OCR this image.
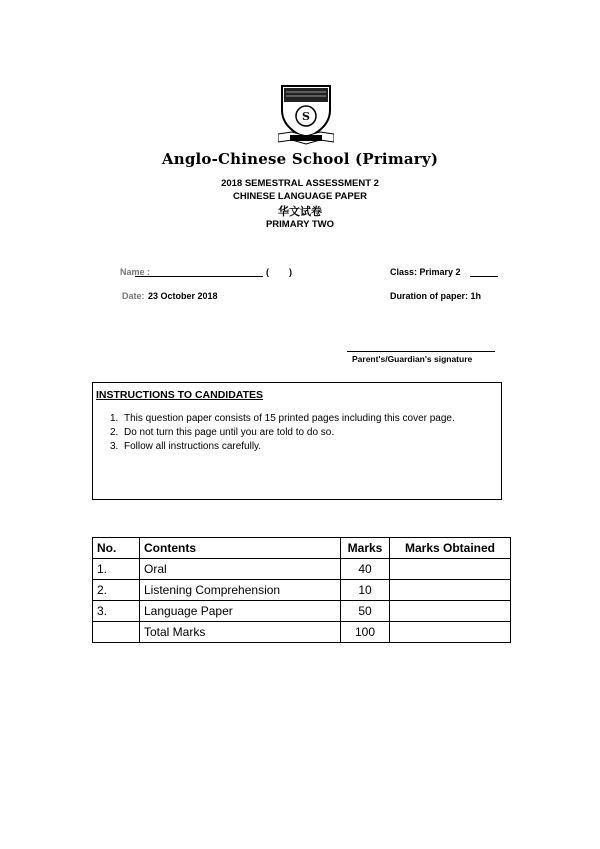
S
Anglo-Chinese School (Primary)
2018 SEMESTRAL ASSESSMENT 2
CHINESE LANGUAGE PAPER
华文试卷
PRIMARY TWO
Name :	(        )	Class: Primary 2
Date: 23 October 2018	Duration of paper: 1h
Parent's/Guardian's signature
INSTRUCTIONS TO CANDIDATES
1. This question paper consists of 15 printed pages including this cover page.
2. Do not turn this page until you are told to do so.
3. Follow all instructions carefully.
No.	Contents	Marks	Marks Obtained
1.	Oral	40	
2.	Listening Comprehension	10	
3.	Language Paper	50	
	Total Marks	100	
